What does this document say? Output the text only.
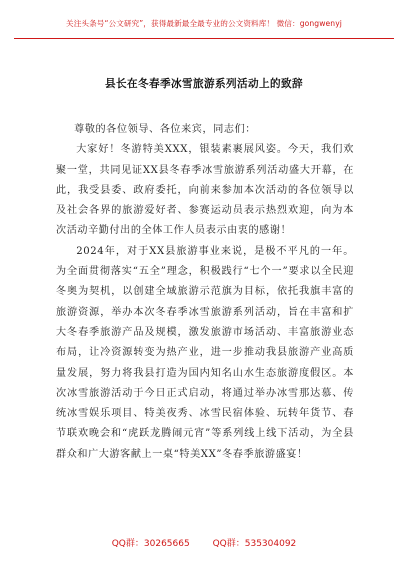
关注头条号“公文研究”，获得最新最全最专业的公文资料库！ 微信：gongwenyj
县长在冬春季冰雪旅游系列活动上的致辞

尊敬的各位领导、各位来宾，同志们：

大家好！冬游特美XXX，银装素裹展风姿。今天，我们欢聚一堂，共同见证XX县冬春季冰雪旅游系列活动盛大开幕，在此，我受县委、政府委托，向前来参加本次活动的各位领导以及社会各界的旅游爱好者、参赛运动员表示热烈欢迎，向为本次活动辛勤付出的全体工作人员表示由衷的感谢！

2024年，对于XX县旅游事业来说，是极不平凡的一年。为全面贯彻落实“五全”理念，积极践行“七个一”要求以全民迎冬奥为契机，以创建全域旅游示范旗为目标，依托我旗丰富的旅游资源，举办本次冬春季冰雪旅游系列活动，旨在丰富和扩大冬春季旅游产品及规模，激发旅游市场活动、丰富旅游业态布局，让冷资源转变为热产业，进一步推动我县旅游产业高质量发展，努力将我县打造为国内知名山水生态旅游度假区。本次冰雪旅游活动于今日正式启动，将通过举办冰雪那达慕、传统冰雪娱乐项目、特美夜秀、冰雪民宿体验、玩转年货节、春节联欢晚会和“虎跃龙腾闹元宵”等系列线上线下活动，为全县群众和广大游客献上一桌“特美XX”冬春季旅游盛宴！

QQ群：30265665	QQ群：535304092
